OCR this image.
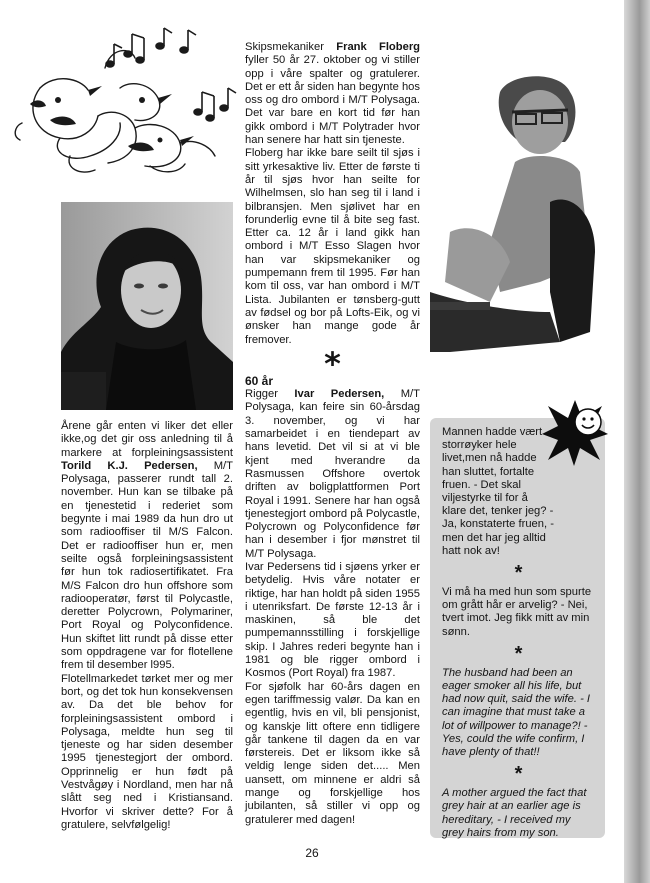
Årene går enten vi liker det eller ikke,og det gir oss anledning til å markere at forpleiningsassistent Torild K.J. Pedersen, M/T Polysaga, passerer rundt tall 2. november. Hun kan se tilbake på en tjenestetid i rederiet som begynte i mai 1989 da hun dro ut som radiooffiser til M/S Falcon. Det er radiooffiser hun er, men seilte også forpleiningsassistent før hun tok radiosertifikatet. Fra M/S Falcon dro hun offshore som radiooperatør, først til Polycastle, deretter Polycrown, Polymariner, Port Royal og Polyconfidence. Hun skiftet litt rundt på disse etter som oppdragene var for flotellene frem til desember l995.

Flotellmarkedet tørket mer og mer bort, og det tok hun konsekvensen av. Da det ble behov for forpleiningsassistent ombord i Polysaga, meldte hun seg til tjeneste og har siden desember 1995 tjenestegjort der ombord. Opprinnelig er hun født på Vestvågøy i Nordland, men har nå slått seg ned i Kristiansand. Hvorfor vi skriver dette? For å gratulere, selvfølgelig!

Skipsmekaniker Frank Floberg fyller 50 år 27. oktober og vi stiller opp i våre spalter og gratulerer. Det er ett år siden han begynte hos oss og dro ombord i M/T Polysaga. Det var bare en kort tid før han gikk ombord i M/T Polytrader hvor han senere har hatt sin tjeneste.

Floberg har ikke bare seilt til sjøs i sitt yrkesaktive liv. Etter de første ti år til sjøs hvor han seilte for Wilhelmsen, slo han seg til i land i bilbransjen. Men sjølivet har en forunderlig evne til å bite seg fast. Etter ca. 12 år i land gikk han ombord i M/T Esso Slagen hvor han var skipsmekaniker og pumpemann frem til 1995. Før han kom til oss, var han ombord i M/T Lista. Jubilanten er tønsberg-gutt av fødsel og bor på Lofts-Eik, og vi ønsker han mange gode år fremover.

*

60 år

Rigger Ivar Pedersen, M/T Polysaga, kan feire sin 60-årsdag 3. november, og vi har samarbeidet i en tiendepart av hans levetid. Det vil si at vi ble kjent med hverandre da Rasmussen Offshore overtok driften av boligplattformen Port Royal i 1991. Senere har han også tjenestegjort ombord på Polycastle, Polycrown og Polyconfidence før han i desember i fjor mønstret til M/T Polysaga.

Ivar Pedersens tid i sjøens yrker er betydelig. Hvis våre notater er riktige, har han holdt på siden 1955 i utenriksfart. De første 12-13 år i maskinen, så ble det pumpemannsstilling i forskjellige skip. I Jahres rederi begynte han i 1981 og ble rigger ombord i Kosmos (Port Royal) fra 1987.

For sjøfolk har 60-års dagen en egen tariffmessig valør. Da kan en egentlig, hvis en vil, bli pensjonist, og kanskje litt oftere enn tidligere går tankene til dagen da en var førstereis. Det er liksom ikke så veldig lenge siden det..... Men uansett, om minnene er aldri så mange og forskjellige hos jubilanten, så stiller vi opp og gratulerer med dagen!

Mannen hadde vært storrøyker hele livet,men nå hadde han sluttet, fortalte fruen. - Det skal viljestyrke til for å klare det, tenker jeg? - Ja, konstaterte fruen, - men det har jeg alltid hatt nok av!

*

Vi må ha med hun som spurte om grått hår er arvelig? - Nei, tvert imot. Jeg fikk mitt av min sønn.

*

The husband had been an eager smoker all his life, but had now quit, said the wife. - I can imagine that must take a lot of willpower to manage?! - Yes, could the wife confirm, I have plenty of that!!

*

A mother argued the fact that grey hair at an earlier age is hereditary, - I received my grey hairs from my son.

26
